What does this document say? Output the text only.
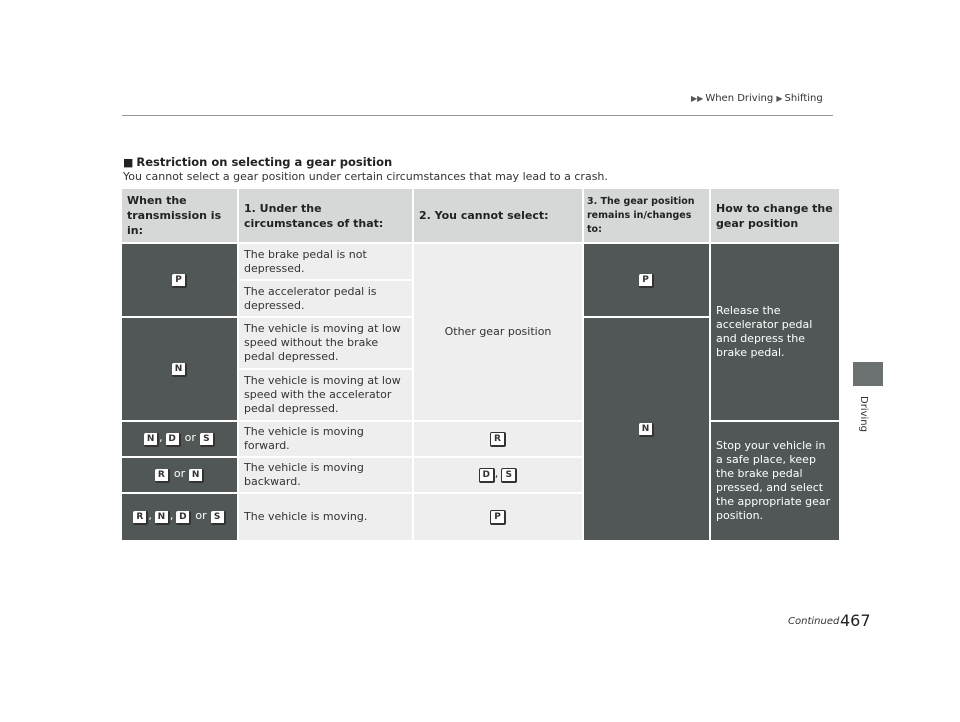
▶▶ When Driving ▶ Shifting
Driving
■ Restriction on selecting a gear position
You cannot select a gear position under certain circumstances that may lead to a crash.
When the transmission is in:	1. Under the circumstances of that:	2. You cannot select:	3. The gear position remains in/changes to:	How to change the gear position
P	The brake pedal is not depressed.	Other gear position	P	Release the accelerator pedal and depress the brake pedal.
	The accelerator pedal is depressed.			
N	The vehicle is moving at low speed without the brake pedal depressed.		N	
	The vehicle is moving at low speed with the accelerator pedal depressed.			
N , D or S	The vehicle is moving forward.	R		Stop your vehicle in a safe place, keep the brake pedal pressed, and select the appropriate gear position.
R or N	The vehicle is moving backward.	D , S		
R , N , D or S	The vehicle is moving.	P		
Continued 467
